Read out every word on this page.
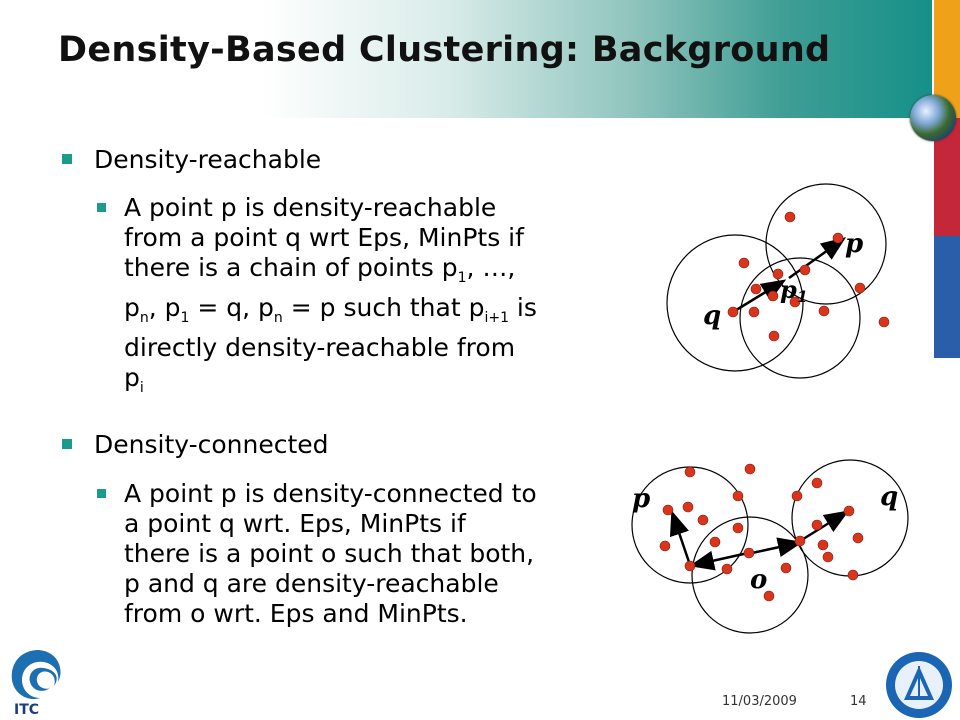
Density-Based Clustering: Background

Density-reachable

A point p is density-reachable
from a point q wrt Eps, MinPts if
there is a chain of points $p_1$, …,
$p_n$, $p_1 = q$, $p_n = p$ such that $p_{i+1}$ is
directly density-reachable from
$p_i$

Density-connected

A point p is density-connected to
a point q wrt. Eps, MinPts if
there is a point o such that both,
p and q are density-reachable
from o wrt. Eps and MinPts.

p
q
p1
p	q
o
ITC
11/03/2009	14
